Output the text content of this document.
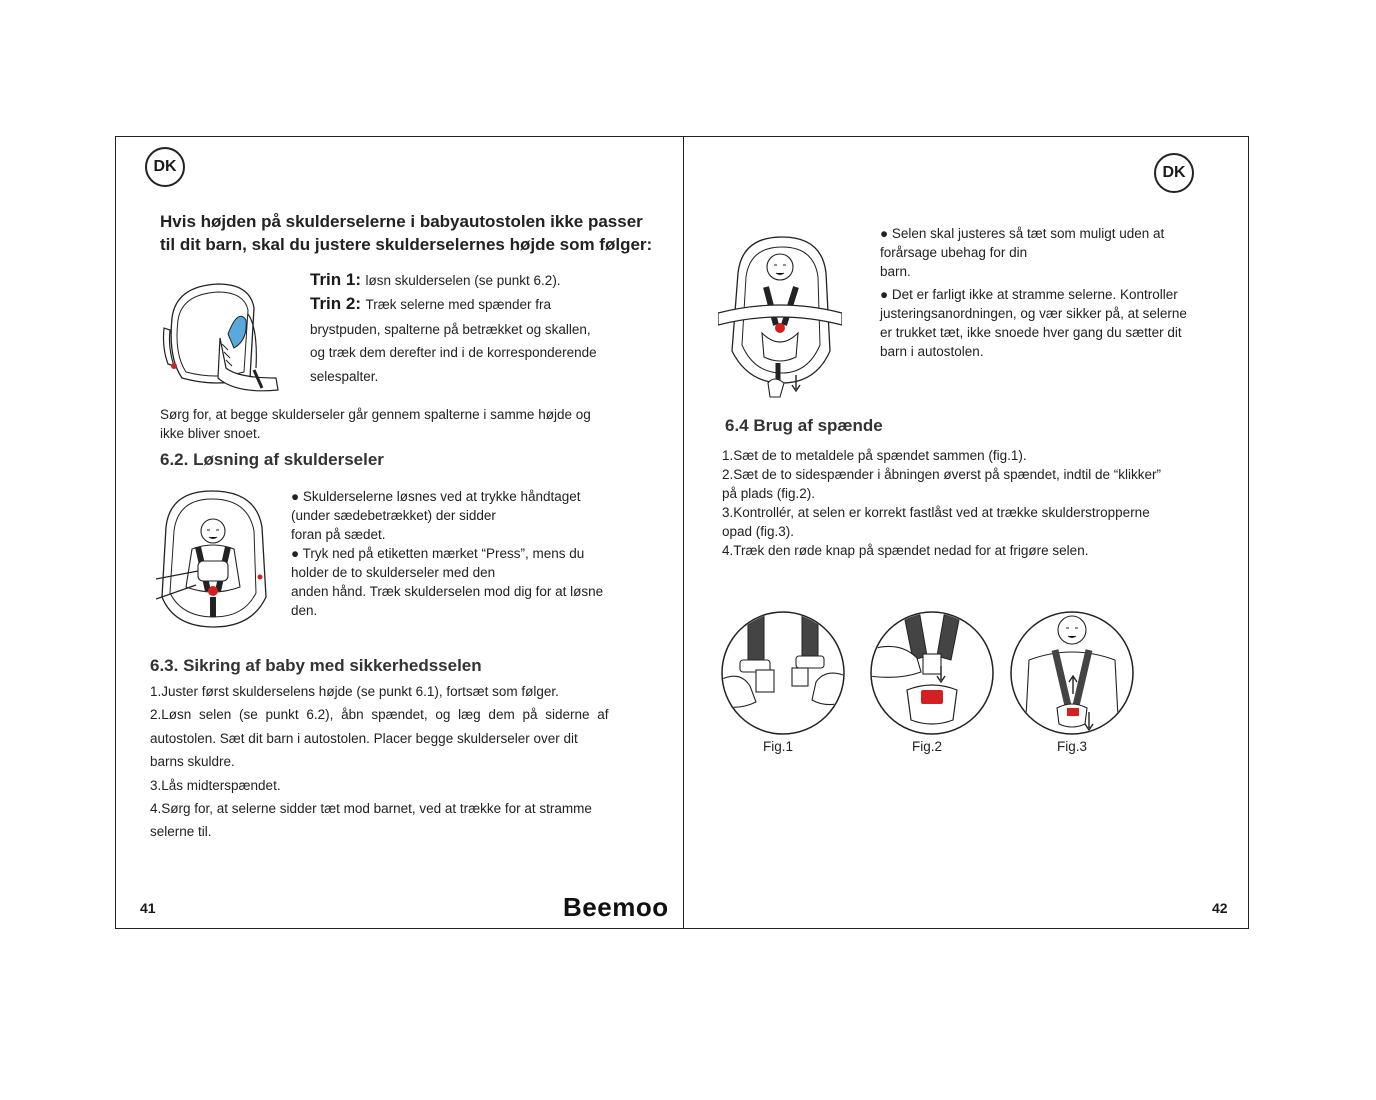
DK
Hvis højden på skulderselerne i babyautostolen ikke passer
til dit barn, skal du justere skulderselernes højde som følger:
Trin 1: løsn skulderselen (se punkt 6.2).
Trin 2: Træk selerne med spænder fra
brystpuden, spalterne på betrækket og skallen,
og træk dem derefter ind i de korresponderende
selespalter.
Sørg for, at begge skulderseler går gennem spalterne i samme højde og
ikke bliver snoet.
6.2. Løsning af skulderseler
● Skulderselerne løsnes ved at trykke håndtaget
(under sædebetrækket) der sidder
foran på sædet.
● Tryk ned på etiketten mærket “Press”, mens du
holder de to skulderseler med den
anden hånd. Træk skulderselen mod dig for at løsne
den.
6.3. Sikring af baby med sikkerhedsselen
1.Juster først skulderselens højde (se punkt 6.1), fortsæt som følger.
2.Løsn selen (se punkt 6.2), åbn spændet, og læg dem på siderne af
autostolen. Sæt dit barn i autostolen. Placer begge skulderseler over dit
barns skuldre.
3.Lås midterspændet.
4.Sørg for, at selerne sidder tæt mod barnet, ved at trække for at stramme
selerne til.
41	Beemoo
DK
● Selen skal justeres så tæt som muligt uden at
forårsage ubehag for din
barn.
● Det er farligt ikke at stramme selerne. Kontroller
justeringsanordningen, og vær sikker på, at selerne
er trukket tæt, ikke snoede hver gang du sætter dit
barn i autostolen.
6.4 Brug af spænde
1.Sæt de to metaldele på spændet sammen (fig.1).
2.Sæt de to sidespænder i åbningen øverst på spændet, indtil de “klikker”
på plads (fig.2).
3.Kontrollér, at selen er korrekt fastlåst ved at trække skulderstropperne
opad (fig.3).
4.Træk den røde knap på spændet nedad for at frigøre selen.
Fig.1	Fig.2	Fig.3
42
